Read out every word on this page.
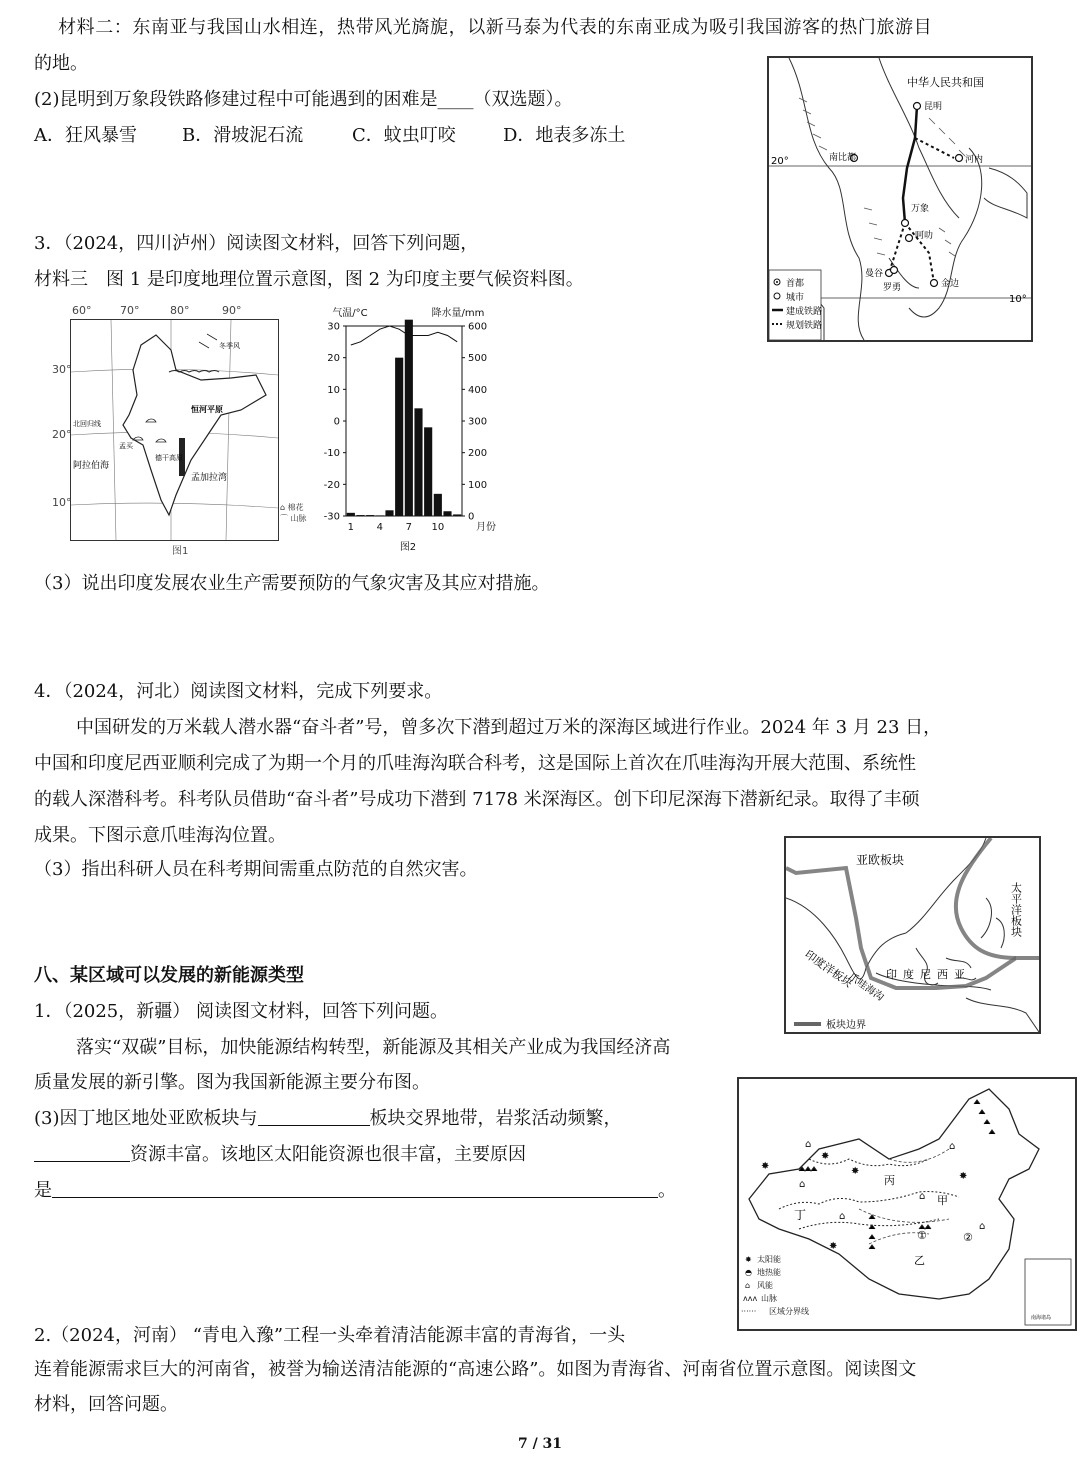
材料二：东南亚与我国山水相连，热带风光旖旎，以新马泰为代表的东南亚成为吸引我国游客的热门旅游目
的地。
(2)昆明到万象段铁路修建过程中可能遇到的困难是____（双选题）。
A．狂风暴雪	B．滑坡泥石流	C．蚊虫叮咬	D．地表多冻土
中华人民共和国
昆明
南比都	河内
万象
曼谷
金边
罗勇
呵叻
20°
10°
首都
城市
建成铁路
规划铁路
3．（2024，四川泸州）阅读图文材料，回答下列问题，
材料三　图 1 是印度地理位置示意图，图 2 为印度主要气候资料图。
冬季风
恒河平原
北回归线
阿拉伯海
孟加拉湾
德干高原
孟买
60°	70°	80°	90°
30°
20°
10°	⌂ 棉花
⌒ 山脉
图1
30
20
10
0
-10
-20
-30
600
500
400
300
200
100
0
1 4 7 10	月份
气温/°C	降水量/mm
图2
（3）说出印度发展农业生产需要预防的气象灾害及其应对措施。
4．（2024，河北）阅读图文材料，完成下列要求。
中国研发的万米载人潜水器“奋斗者”号，曾多次下潜到超过万米的深海区域进行作业。2024 年 3 月 23 日，
中国和印度尼西亚顺利完成了为期一个月的爪哇海沟联合科考，这是国际上首次在爪哇海沟开展大范围、系统性
的载人深潜科考。科考队员借助“奋斗者”号成功下潜到 7178 米深海区。创下印尼深海下潜新纪录。取得了丰硕
成果。下图示意爪哇海沟位置。
（3）指出科研人员在科考期间需重点防范的自然灾害。	亚欧板块
太平洋板块
印度洋板块
爪哇海沟 印度尼西亚
板块边界
八、某区域可以发展的新能源类型
1．（2025，新疆） 阅读图文材料，回答下列问题。
落实“双碳”目标，加快能源结构转型，新能源及其相关产业成为我国经济高
质量发展的新引擎。图为我国新能源主要分布图。
(3)因丁地区地处亚欧板块与	板块交界地带，岩浆活动频繁，
资源丰富。该地区太阳能资源也很丰富，主要原因
是	。
✸
⌂
✸
✸
⌂
✸
✸
⌂
⌂
⌂
⌂	丙
甲
丁
乙
①	②
南海诸岛
✸ 太阳能
◓ 地热能
⌂ 风能
ʌʌʌ 山脉
······ 区域分界线
2.（2024，河南） “青电入豫”工程一头牵着清洁能源丰富的青海省，一头
连着能源需求巨大的河南省，被誉为输送清洁能源的“高速公路”。如图为青海省、河南省位置示意图。阅读图文
材料，回答问题。
7 / 31
